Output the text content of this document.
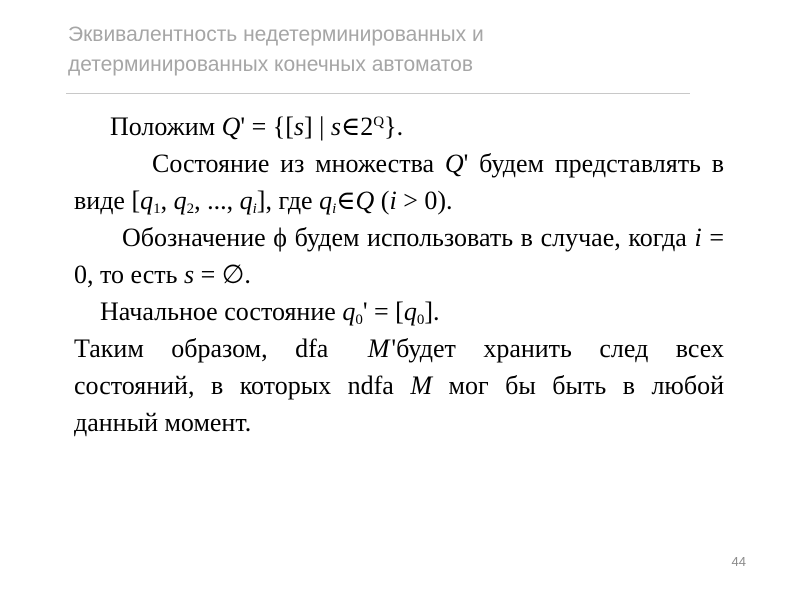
Эквивалентность недетерминированных и
детерминированных конечных автоматов

Положим Q' = {[s] | $s\in 2^Q$}.

Состояние из множества Q' будем представлять в виде [$q_1$, $q_2$, ..., $q_i$], где $q_i\in Q$ (i > 0).

Обозначение ϕ будем использовать в случае, когда i = 0, то есть s = ∅.

Начальное состояние $q_0' = [q_0]$.

Таким образом, dfa M'будет хранить след всех состояний, в которых ndfa M мог бы быть в любой данный момент.

44
